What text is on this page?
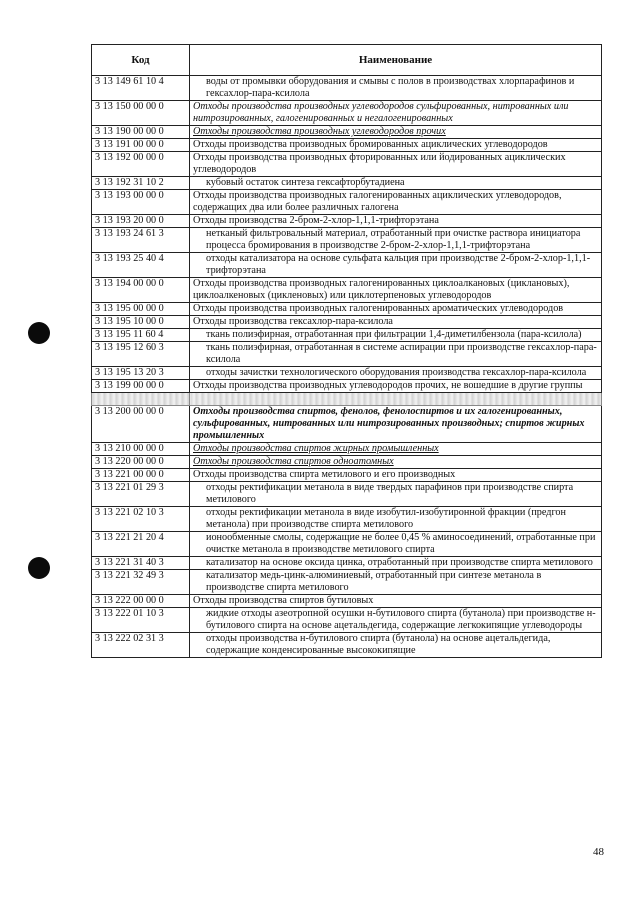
Код	Наименование
3 13 149 61 10 4	воды от промывки оборудования и смывы с полов в производствах хлорпарафинов и гексахлор-пара-ксилола
3 13 150 00 00 0	Отходы производства производных углеводородов сульфированных, нитрованных или нитрозированных, галогенированных и негалогенированных
3 13 190 00 00 0	Отходы производства производных углеводородов прочих
3 13 191 00 00 0	Отходы производства производных бромированных ациклических углеводородов
3 13 192 00 00 0	Отходы производства производных фторированных или йодированных ациклических углеводородов
3 13 192 31 10 2	кубовый остаток синтеза гексафторбутадиена
3 13 193 00 00 0	Отходы производства производных галогенированных ациклических углеводородов, содержащих два или более различных галогена
3 13 193 20 00 0	Отходы производства 2-бром-2-хлор-1,1,1-трифторэтана
3 13 193 24 61 3	нетканый фильтровальный материал, отработанный при очистке раствора инициатора процесса бромирования в производстве 2-бром-2-хлор-1,1,1-трифторэтана
3 13 193 25 40 4	отходы катализатора на основе сульфата кальция при производстве 2-бром-2-хлор-1,1,1-трифторэтана
3 13 194 00 00 0	Отходы производства производных галогенированных циклоалкановых (циклановых), циклоалкеновых (цикленовых) или циклотерпеновых углеводородов
3 13 195 00 00 0	Отходы производства производных галогенированных ароматических углеводородов
3 13 195 10 00 0	Отходы производства гексахлор-пара-ксилола
3 13 195 11 60 4	ткань полиэфирная, отработанная при фильтрации 1,4-диметилбензола (пара-ксилола)
3 13 195 12 60 3	ткань полиэфирная, отработанная в системе аспирации при производстве гексахлор-пара-ксилола
3 13 195 13 20 3	отходы зачистки технологического оборудования производства гексахлор-пара-ксилола
3 13 199 00 00 0	Отходы производства производных углеводородов прочих, не вошедшие в другие группы

3 13 200 00 00 0	Отходы производства спиртов, фенолов, фенолоспиртов и их галогенированных, сульфированных, нитрованных или нитрозированных производных; спиртов жирных промышленных
3 13 210 00 00 0	Отходы производства спиртов жирных промышленных
3 13 220 00 00 0	Отходы производства спиртов одноатомных
3 13 221 00 00 0	Отходы производства спирта метилового и его производных
3 13 221 01 29 3	отходы ректификации метанола в виде твердых парафинов при производстве спирта метилового
3 13 221 02 10 3	отходы ректификации метанола в виде изобутил-изобутиронной фракции (предгон метанола) при производстве спирта метилового
3 13 221 21 20 4	ионообменные смолы, содержащие не более 0,45 % аминосоединений, отработанные при очистке метанола в производстве метилового спирта
3 13 221 31 40 3	катализатор на основе оксида цинка, отработанный при производстве спирта метилового
3 13 221 32 49 3	катализатор медь-цинк-алюминиевый, отработанный при синтезе метанола в производстве спирта метилового
3 13 222 00 00 0	Отходы производства спиртов бутиловых
3 13 222 01 10 3	жидкие отходы азеотропной осушки н-бутилового спирта (бутанола) при производстве н-бутилового спирта на основе ацетальдегида, содержащие легкокипящие углеводороды
3 13 222 02 31 3	отходы производства н-бутилового спирта (бутанола) на основе ацетальдегида, содержащие конденсированные высококипящие
48
